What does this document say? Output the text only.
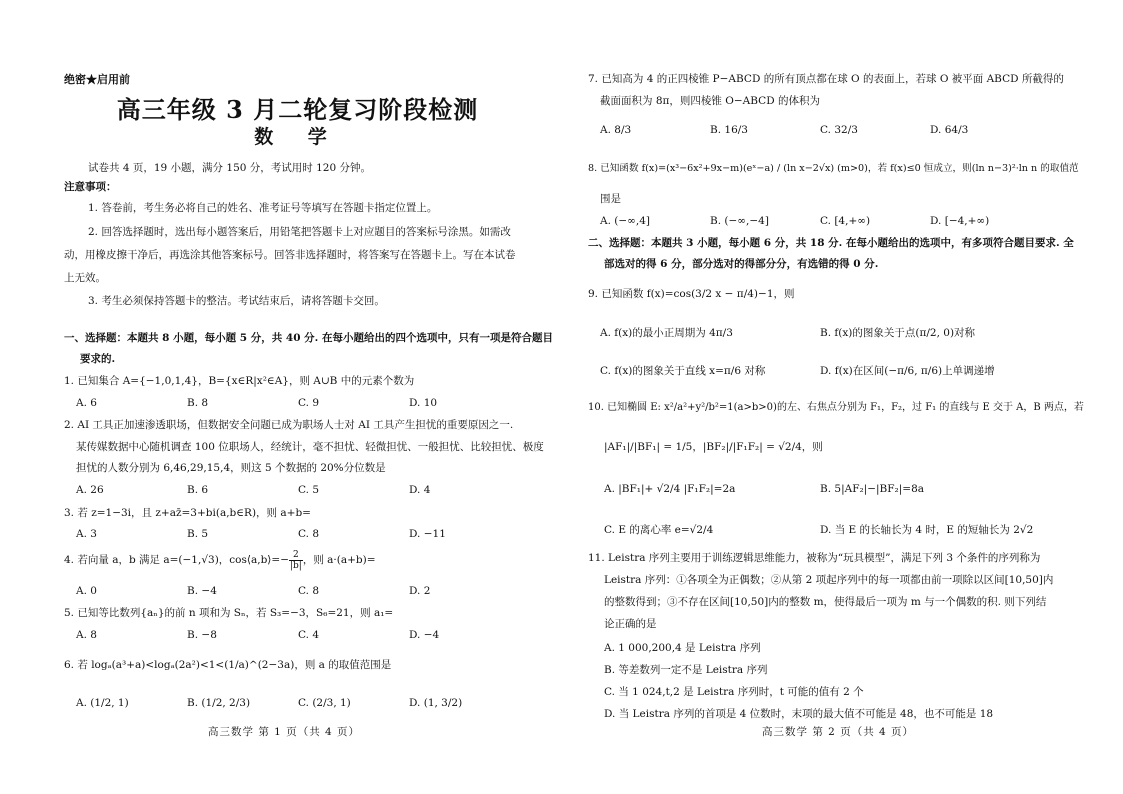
绝密★启用前
高三年级 3 月二轮复习阶段检测
数 学
试卷共 4 页，19 小题，满分 150 分，考试用时 120 分钟。
注意事项：
1. 答卷前，考生务必将自己的姓名、准考证号等填写在答题卡指定位置上。
2. 回答选择题时，选出每小题答案后，用铅笔把答题卡上对应题目的答案标号涂黑。如需改
动，用橡皮擦干净后，再选涂其他答案标号。回答非选择题时，将答案写在答题卡上。写在本试卷
上无效。
3. 考生必须保持答题卡的整洁。考试结束后，请将答题卡交回。
一、选择题：本题共 8 小题，每小题 5 分，共 40 分. 在每小题给出的四个选项中，只有一项是符合题目
要求的.
1. 已知集合 A={−1,0,1,4}，B={x∈R|x²∈A}，则 A∪B 中的元素个数为
A. 6	B. 8	C. 9	D. 10
2. AI 工具正加速渗透职场，但数据安全问题已成为职场人士对 AI 工具产生担忧的重要原因之一.
某传媒数据中心随机调查 100 位职场人，经统计，毫不担忧、轻微担忧、一般担忧、比较担忧、极度
担忧的人数分别为 6,46,29,15,4，则这 5 个数据的 20%分位数是
A. 26	B. 6	C. 5	D. 4
3. 若 z=1−3i，且 z+az̄=3+bi(a,b∈R)，则 a+b=
A. 3	B. 5	C. 8	D. −11
4. 若向量 a，b 满足 a=(−1,√3)，cos⟨a,b⟩=− $\frac{2}{|b|}$ ，则 a·(a+b)=
A. 0	B. −4	C. 8	D. 2
5. 已知等比数列{aₙ}的前 n 项和为 Sₙ，若 S₃=−3，S₆=21，则 a₁=
A. 8	B. −8	C. 4	D. −4
6. 若 logₐ(a³+a)<logₐ(2a²)<1<(1/a)^(2−3a)，则 a 的取值范围是
A. (1/2, 1)	B. (1/2, 2/3)	C. (2/3, 1)	D. (1, 3/2)
高三数学 第 1 页（共 4 页）
7. 已知高为 4 的正四棱锥 P−ABCD 的所有顶点都在球 O 的表面上，若球 O 被平面 ABCD 所截得的
截面面积为 8π，则四棱锥 O−ABCD 的体积为
A. 8/3	B. 16/3	C. 32/3	D. 64/3
8. 已知函数 f(x)=(x³−6x²+9x−m)(eˣ−a) / (ln x−2√x) (m>0)，若 f(x)≤0 恒成立，则(ln n−3)²·ln n 的取值范
围是
A. (−∞,4]	B. (−∞,−4]	C. [4,+∞)	D. [−4,+∞)
二、选择题：本题共 3 小题，每小题 6 分，共 18 分. 在每小题给出的选项中，有多项符合题目要求. 全
部选对的得 6 分，部分选对的得部分分，有选错的得 0 分.
9. 已知函数 f(x)=cos(3/2 x − π/4)−1，则
A. f(x)的最小正周期为 4π/3	B. f(x)的图象关于点(π/2, 0)对称
C. f(x)的图象关于直线 x=π/6 对称	D. f(x)在区间(−π/6, π/6)上单调递增
10. 已知椭圆 E: x²/a²+y²/b²=1(a>b>0)的左、右焦点分别为 F₁，F₂，过 F₁ 的直线与 E 交于 A，B 两点，若
|AF₁|/|BF₁| = 1/5，|BF₂|/|F₁F₂| = √2/4，则
A. |BF₁|+ √2/4 |F₁F₂|=2a	B. 5|AF₂|−|BF₂|=8a
C. E 的离心率 e=√2/4	D. 当 E 的长轴长为 4 时，E 的短轴长为 2√2
11. Leistra 序列主要用于训练逻辑思维能力，被称为“玩具模型”，满足下列 3 个条件的序列称为
Leistra 序列：①各项全为正偶数；②从第 2 项起序列中的每一项都由前一项除以区间[10,50]内
的整数得到；③不存在区间[10,50]内的整数 m，使得最后一项为 m 与一个偶数的积. 则下列结
论正确的是
A. 1 000,200,4 是 Leistra 序列
B. 等差数列一定不是 Leistra 序列
C. 当 1 024,t,2 是 Leistra 序列时，t 可能的值有 2 个
D. 当 Leistra 序列的首项是 4 位数时，末项的最大值不可能是 48，也不可能是 18
高三数学 第 2 页（共 4 页）
